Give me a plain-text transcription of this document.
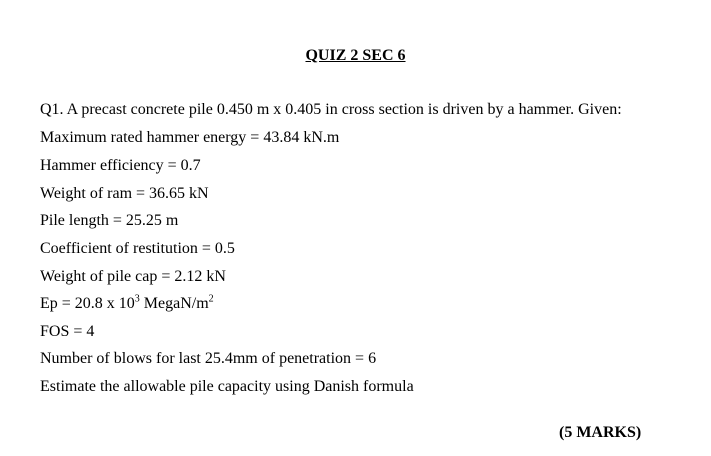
QUIZ 2 SEC 6
Q1. A precast concrete pile 0.450 m x 0.405 in cross section is driven by a hammer. Given:
Maximum rated hammer energy = 43.84 kN.m
Hammer efficiency = 0.7
Weight of ram = 36.65 kN
Pile length = 25.25 m
Coefficient of restitution = 0.5
Weight of pile cap = 2.12 kN
Ep = 20.8 x $10^3$ MegaN/$m^2$
FOS = 4
Number of blows for last 25.4mm of penetration = 6
Estimate the allowable pile capacity using Danish formula
(5 MARKS)
